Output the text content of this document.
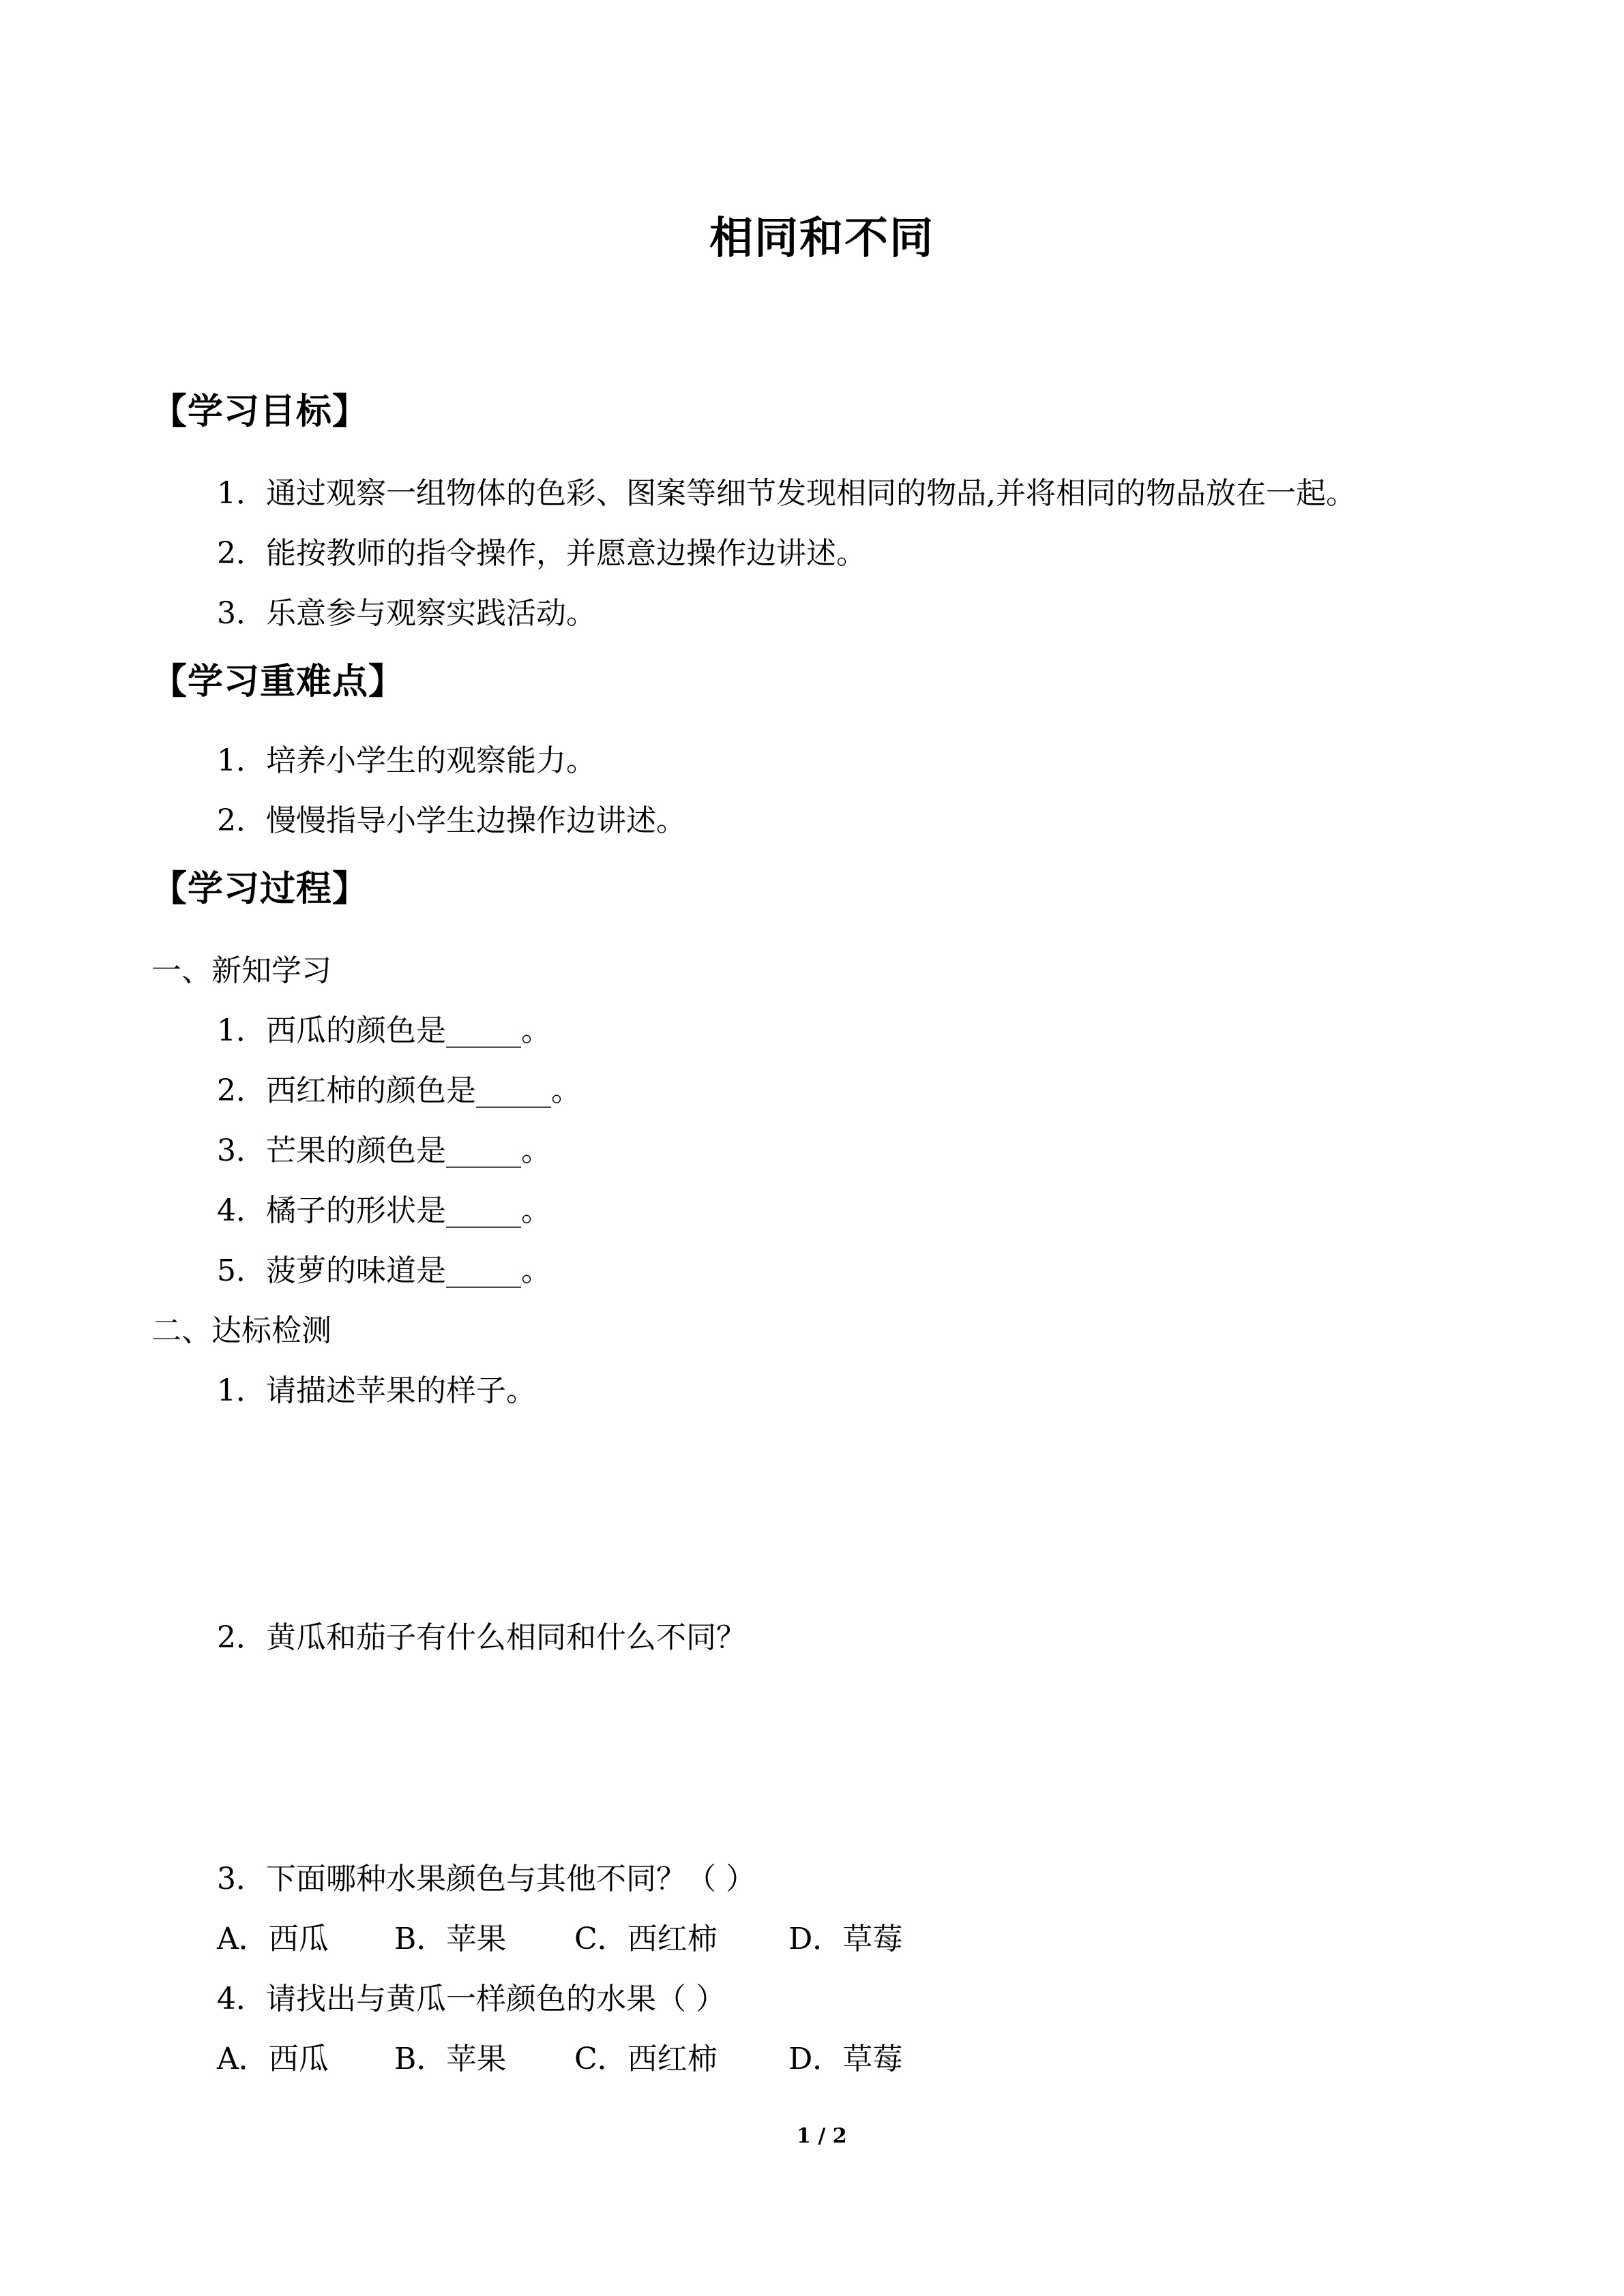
相同和不同
【学习目标】
1．通过观察一组物体的色彩、图案等细节发现相同的物品,并将相同的物品放在一起。
2．能按教师的指令操作，并愿意边操作边讲述。
3．乐意参与观察实践活动。
【学习重难点】
1．培养小学生的观察能力。
2．慢慢指导小学生边操作边讲述。
【学习过程】
一、新知学习
1．西瓜的颜色是_____。
2．西红柿的颜色是_____。
3．芒果的颜色是_____。
4．橘子的形状是_____。
5．菠萝的味道是_____。
二、达标检测
1．请描述苹果的样子。
2．黄瓜和茄子有什么相同和什么不同？
3．下面哪种水果颜色与其他不同？（ ）
A．西瓜	B．苹果	C．西红柿	D．草莓
4．请找出与黄瓜一样颜色的水果（ ）
A．西瓜	B．苹果	C．西红柿	D．草莓
1 / 2
